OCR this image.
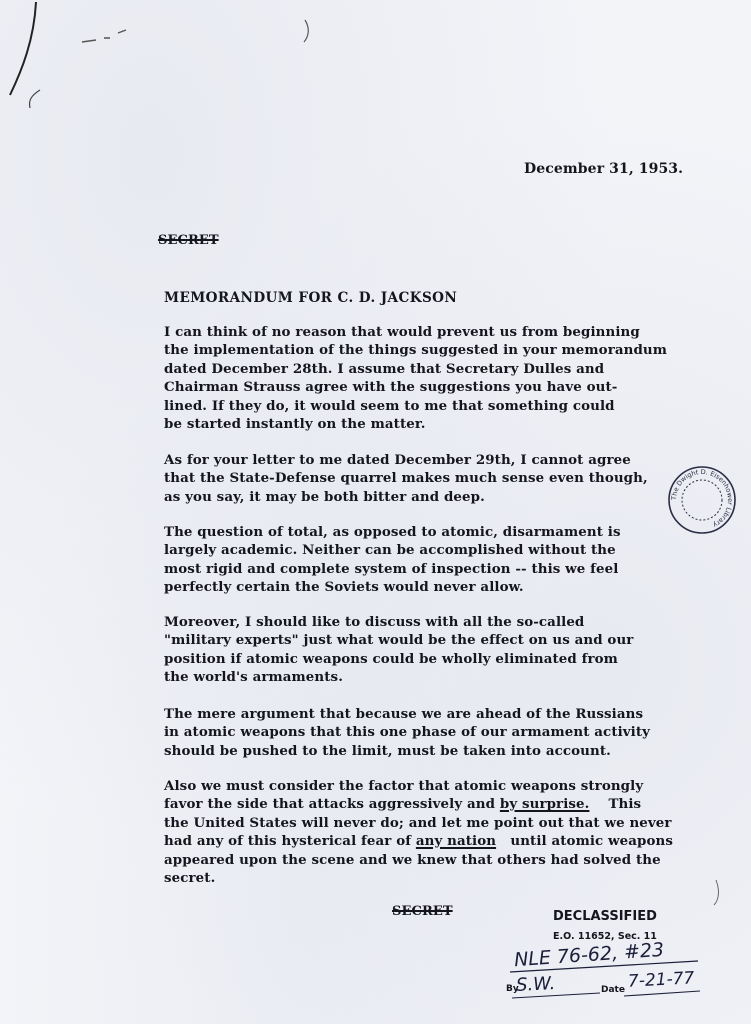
December 31, 1953.
SECRET
MEMORANDUM FOR C. D. JACKSON
I can think of no reason that would prevent us from beginning
the implementation of the things suggested in your memorandum
dated December 28th. I assume that Secretary Dulles and
Chairman Strauss agree with the suggestions you have out-
lined. If they do, it would seem to me that something could
be started instantly on the matter.
As for your letter to me dated December 29th, I cannot agree
that the State-Defense quarrel makes much sense even though,
as you say, it may be both bitter and deep.
The question of total, as opposed to atomic, disarmament is
largely academic. Neither can be accomplished without the
most rigid and complete system of inspection -- this we feel
perfectly certain the Soviets would never allow.
Moreover, I should like to discuss with all the so-called
"military experts" just what would be the effect on us and our
position if atomic weapons could be wholly eliminated from
the world's armaments.
The mere argument that because we are ahead of the Russians
in atomic weapons that this one phase of our armament activity
should be pushed to the limit, must be taken into account.
Also we must consider the factor that atomic weapons strongly
favor the side that attacks aggressively and by surprise.    This
the United States will never do; and let me point out that we never
had any of this hysterical fear of any nation   until atomic weapons
appeared upon the scene and we knew that others had solved the
secret.
SECRET
The Dwight D. Eisenhower Library
DECLASSIFIED
E.O. 11652, Sec. 11
NLE 76-62, #23
By
S.W.	Date 7-21-77
